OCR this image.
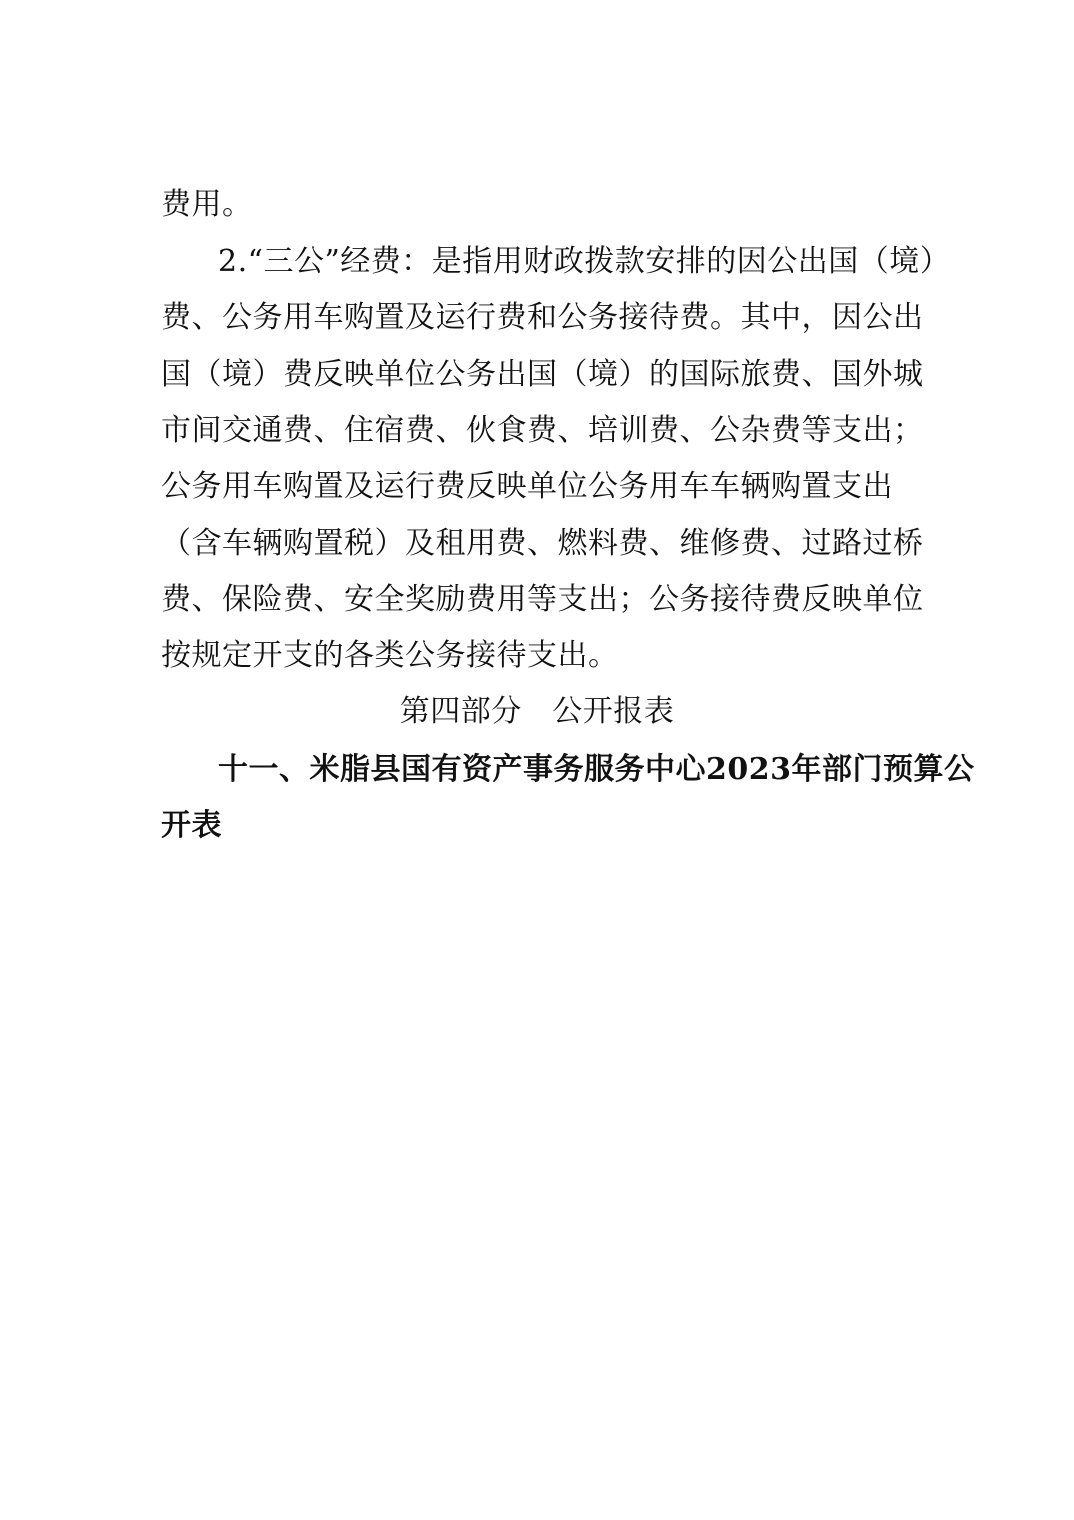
费用。
2.“三公”经费：是指用财政拨款安排的因公出国（境）
费、公务用车购置及运行费和公务接待费。其中，因公出
国（境）费反映单位公务出国（境）的国际旅费、国外城
市间交通费、住宿费、伙食费、培训费、公杂费等支出；
公务用车购置及运行费反映单位公务用车车辆购置支出
（含车辆购置税）及租用费、燃料费、维修费、过路过桥
费、保险费、安全奖励费用等支出；公务接待费反映单位
按规定开支的各类公务接待支出。
第四部分　公开报表
十一、米脂县国有资产事务服务中心2023年部门预算公
开表
